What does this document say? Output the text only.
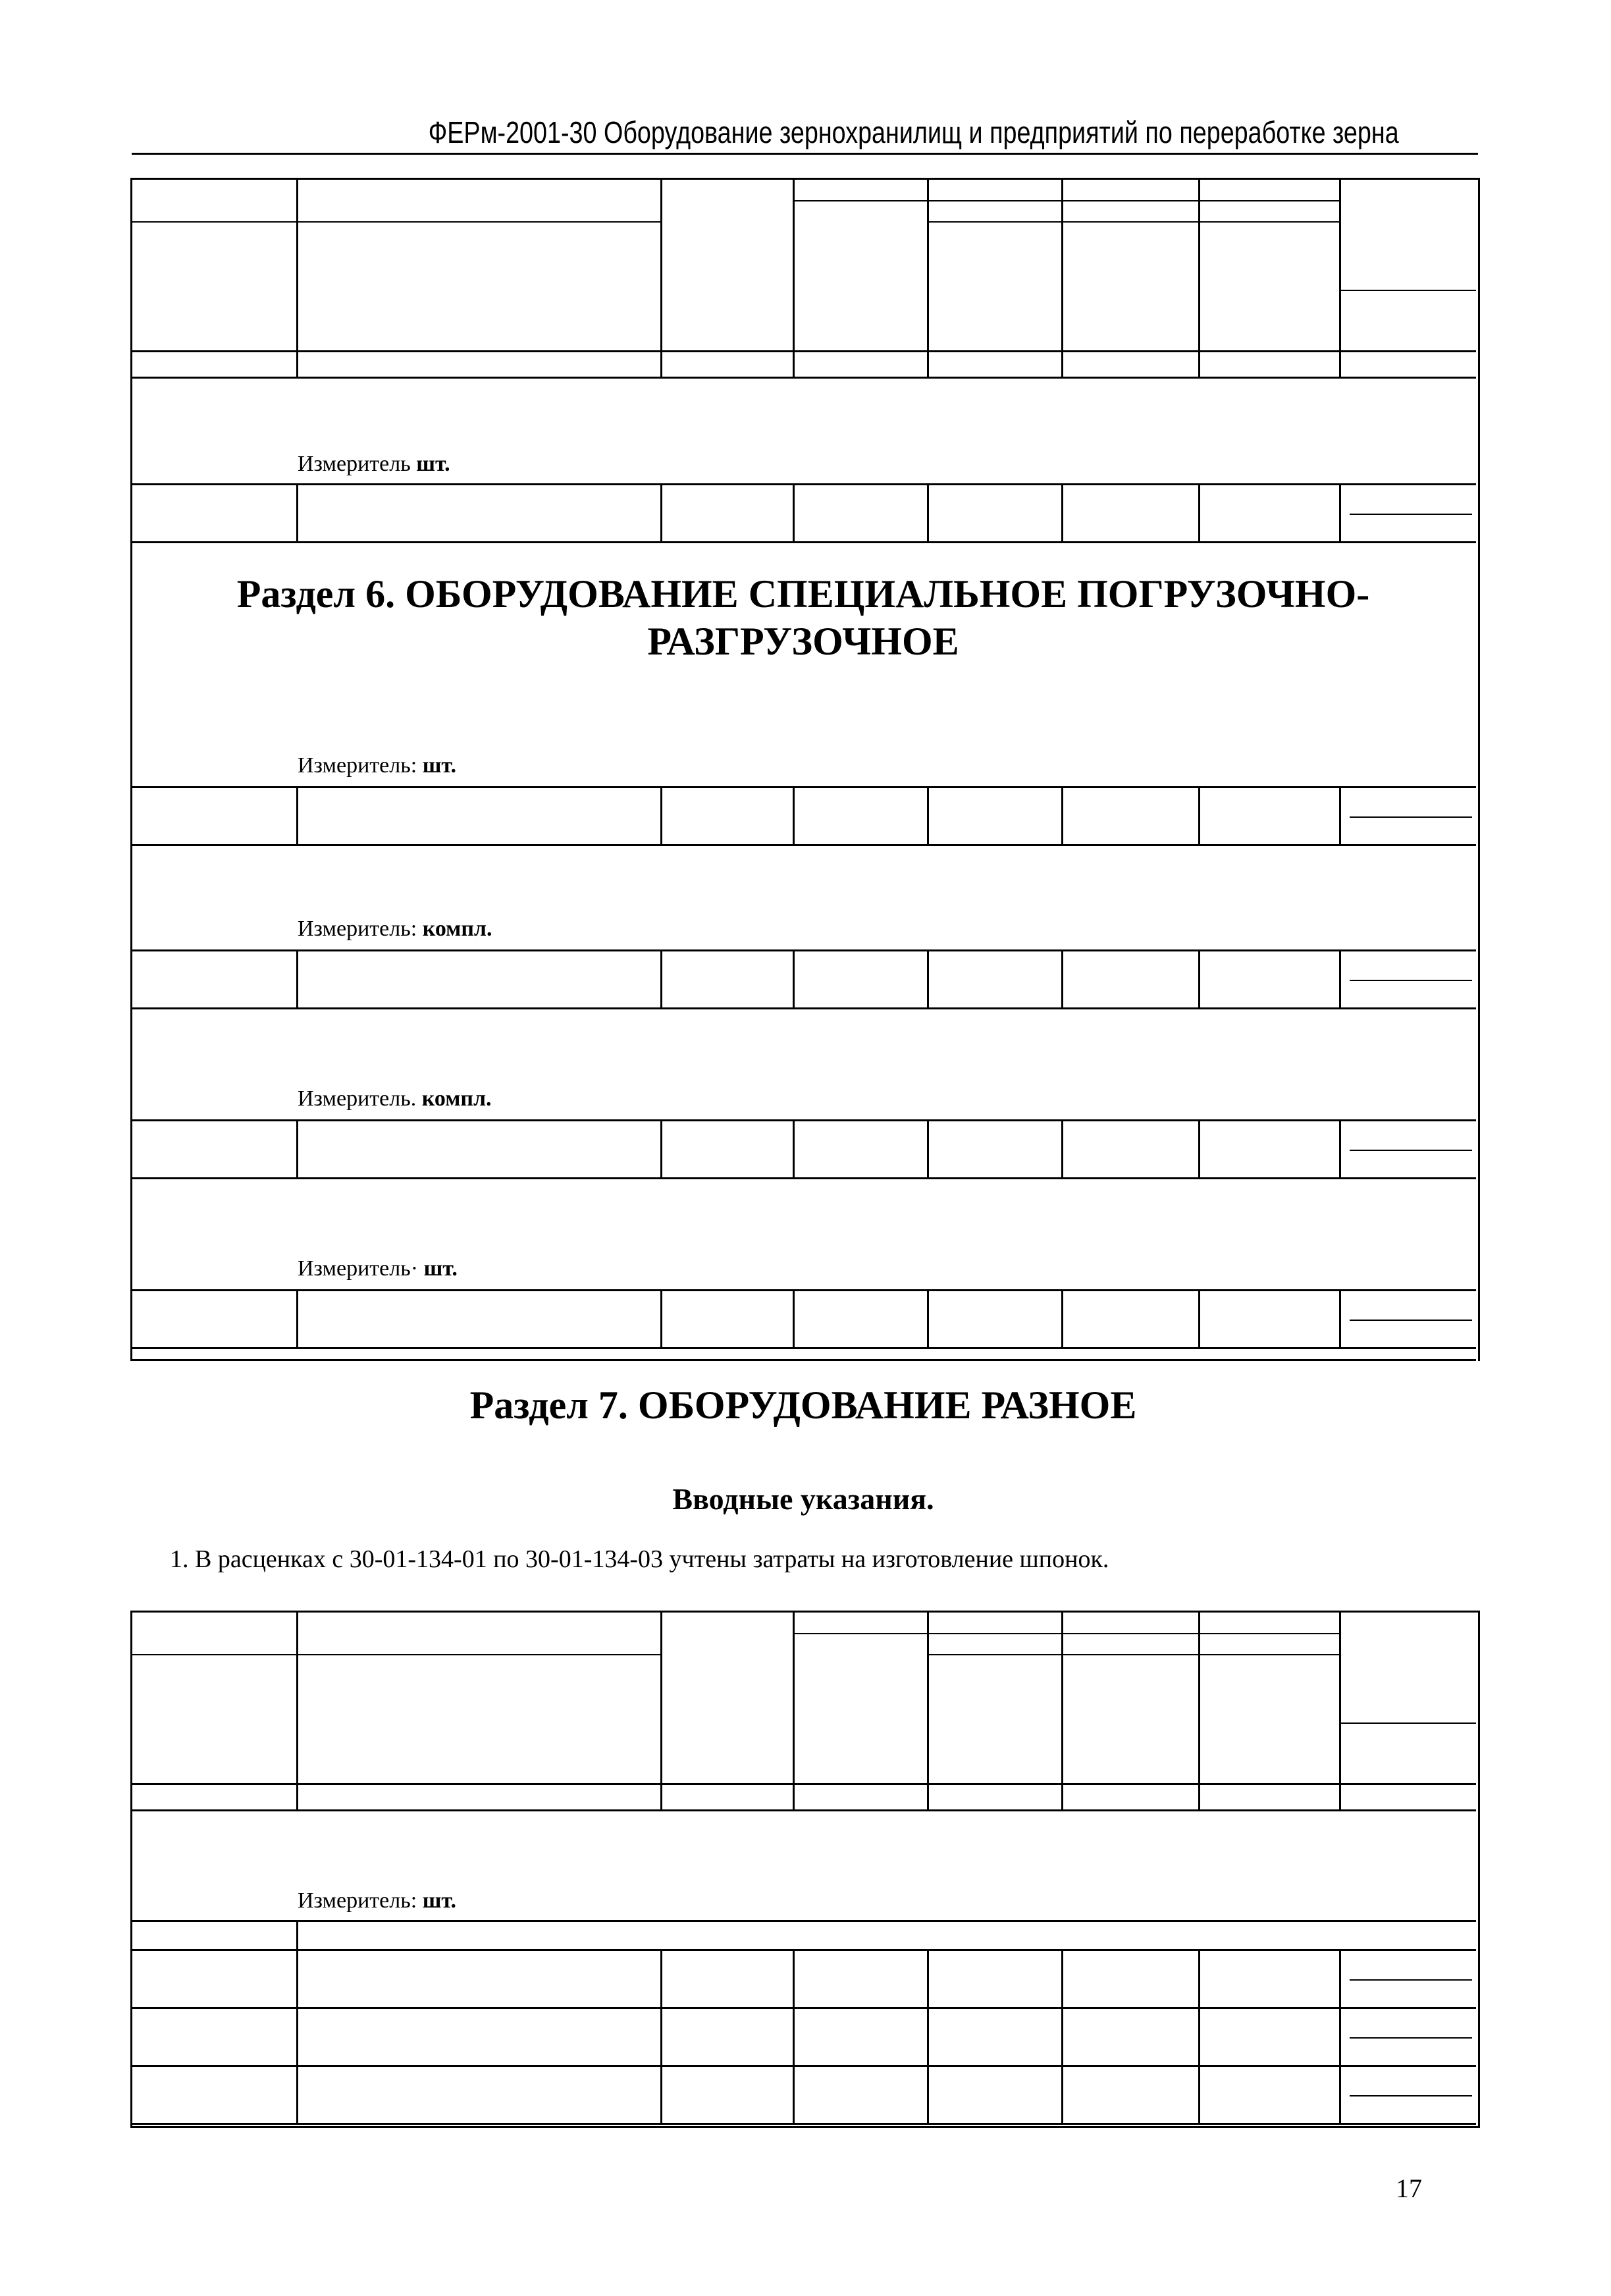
ФЕРм-2001-30 Оборудование зернохранилищ и предприятий по переработке зерна
Раздел 6. ОБОРУДОВАНИЕ СПЕЦИАЛЬНОЕ ПОГРУЗОЧНО-РАЗГРУЗОЧНОЕ
Раздел 7. ОБОРУДОВАНИЕ РАЗНОЕ
Вводные указания.
1. В расценках с 30-01-134-01 по 30-01-134-03 учтены затраты на изготовление шпонок.
17
Измеритель шт.
Измеритель: шт.
Измеритель: компл.
Измеритель. компл.
Измеритель· шт.
Измеритель: шт.
